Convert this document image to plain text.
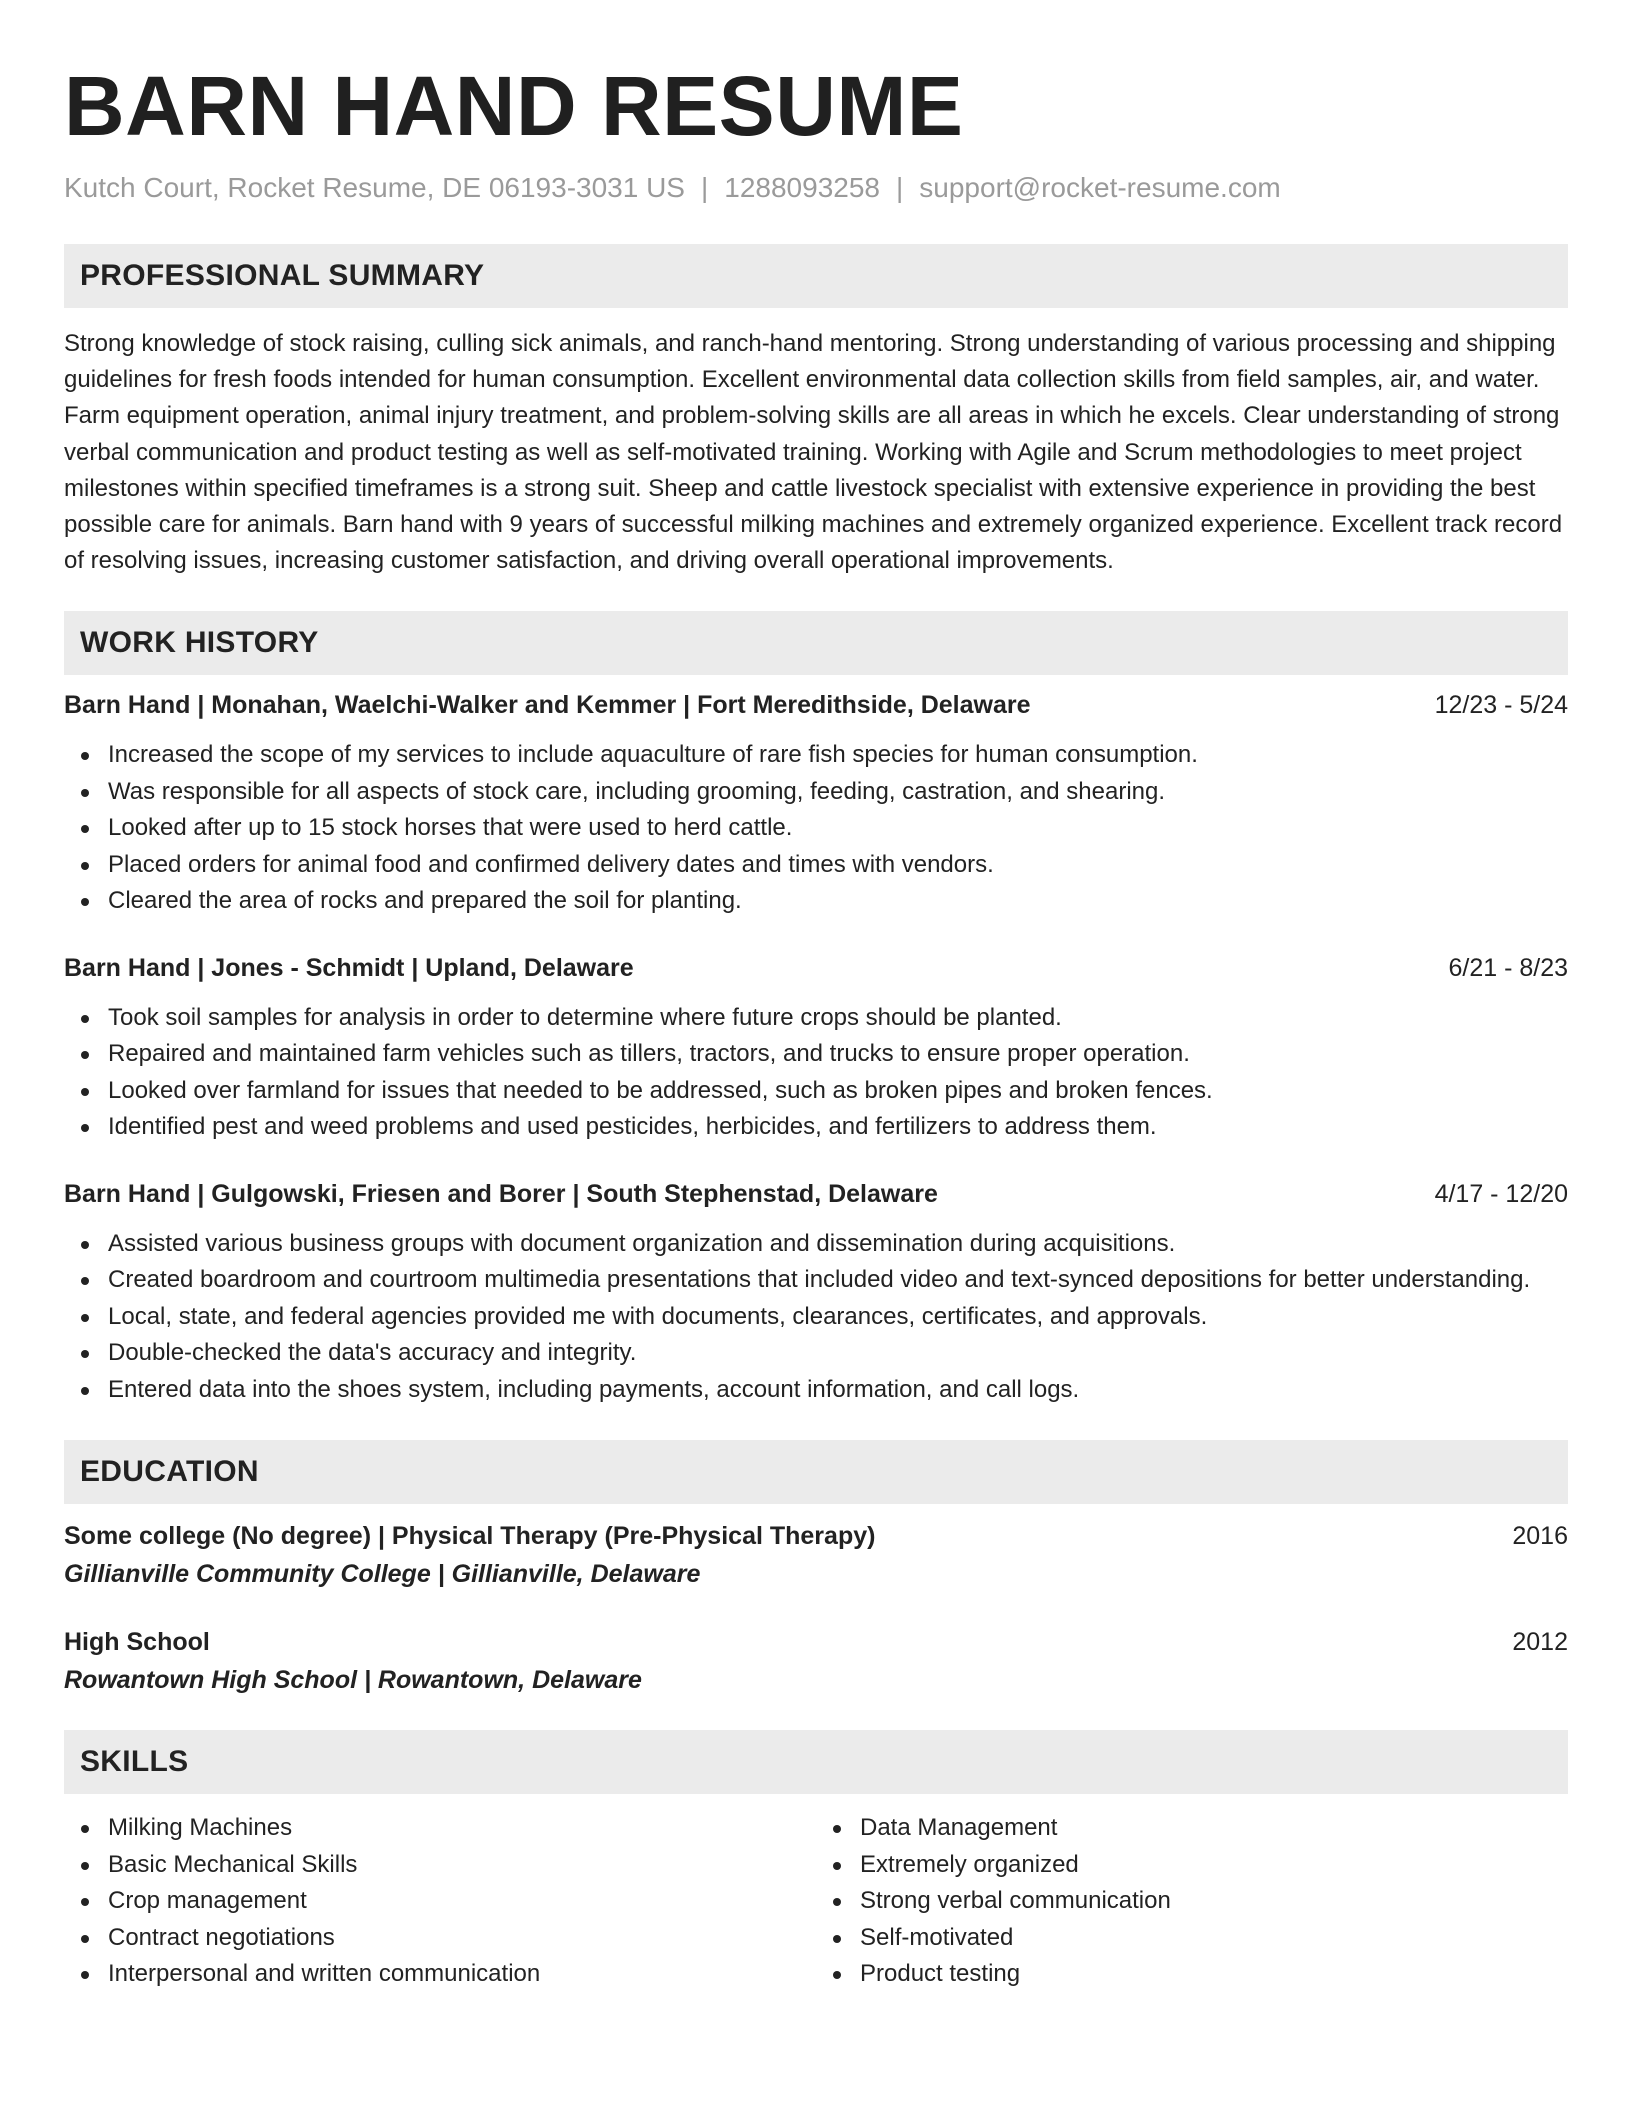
BARN HAND RESUME
Kutch Court, Rocket Resume, DE 06193-3031 US | 1288093258 | support@rocket-resume.com
PROFESSIONAL SUMMARY

Strong knowledge of stock raising, culling sick animals, and ranch-hand mentoring. Strong understanding of various processing and shipping guidelines for fresh foods intended for human consumption. Excellent environmental data collection skills from field samples, air, and water. Farm equipment operation, animal injury treatment, and problem-solving skills are all areas in which he excels. Clear understanding of strong verbal communication and product testing as well as self-motivated training. Working with Agile and Scrum methodologies to meet project milestones within specified timeframes is a strong suit. Sheep and cattle livestock specialist with extensive experience in providing the best possible care for animals. Barn hand with 9 years of successful milking machines and extremely organized experience. Excellent track record of resolving issues, increasing customer satisfaction, and driving overall operational improvements.

WORK HISTORY
Barn Hand | Monahan, Waelchi-Walker and Kemmer | Fort Meredithside, Delaware	12/23 - 5/24
Increased the scope of my services to include aquaculture of rare fish species for human consumption.
Was responsible for all aspects of stock care, including grooming, feeding, castration, and shearing.
Looked after up to 15 stock horses that were used to herd cattle.
Placed orders for animal food and confirmed delivery dates and times with vendors.
Cleared the area of rocks and prepared the soil for planting.
Barn Hand | Jones - Schmidt | Upland, Delaware	6/21 - 8/23
Took soil samples for analysis in order to determine where future crops should be planted.
Repaired and maintained farm vehicles such as tillers, tractors, and trucks to ensure proper operation.
Looked over farmland for issues that needed to be addressed, such as broken pipes and broken fences.
Identified pest and weed problems and used pesticides, herbicides, and fertilizers to address them.
Barn Hand | Gulgowski, Friesen and Borer | South Stephenstad, Delaware	4/17 - 12/20
Assisted various business groups with document organization and dissemination during acquisitions.
Created boardroom and courtroom multimedia presentations that included video and text-synced depositions for better understanding.
Local, state, and federal agencies provided me with documents, clearances, certificates, and approvals.
Double-checked the data's accuracy and integrity.
Entered data into the shoes system, including payments, account information, and call logs.
EDUCATION
Some college (No degree) | Physical Therapy (Pre-Physical Therapy)	2016
Gillianville Community College | Gillianville, Delaware
High School	2012
Rowantown High School | Rowantown, Delaware
SKILLS
Milking Machines
Basic Mechanical Skills
Crop management
Contract negotiations
Interpersonal and written communication
Data Management
Extremely organized
Strong verbal communication
Self-motivated
Product testing
